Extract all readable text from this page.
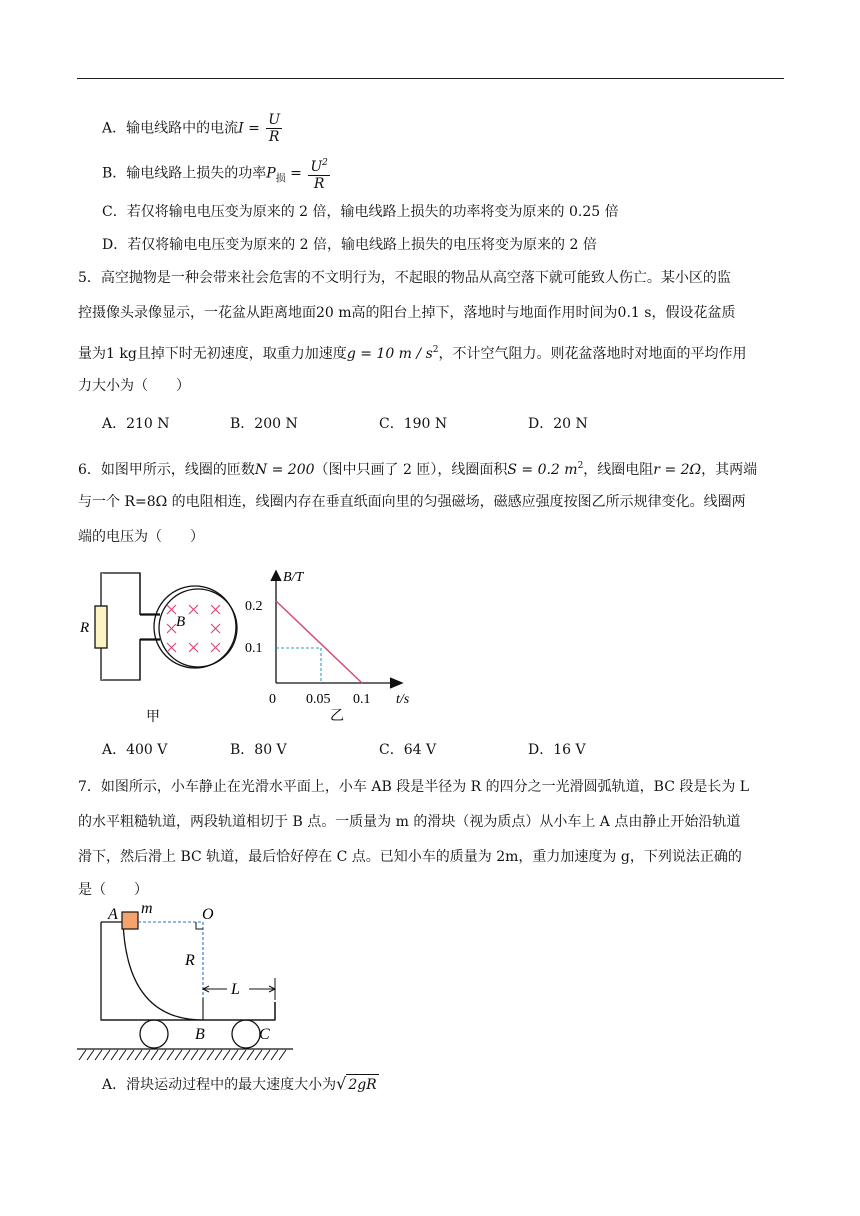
A．输电线路中的电流$I = \frac{U}{R}$
B．输电线路上损失的功率$P_损 = \frac{U^2}{R}$
C．若仅将输电电压变为原来的 2 倍，输电线路上损失的功率将变为原来的 0.25 倍
D．若仅将输电电压变为原来的 2 倍，输电线路上损失的电压将变为原来的 2 倍
5．高空抛物是一种会带来社会危害的不文明行为，不起眼的物品从高空落下就可能致人伤亡。某小区的监
控摄像头录像显示，一花盆从距离地面20 m高的阳台上掉下，落地时与地面作用时间为0.1 s，假设花盆质
量为1 kg且掉下时无初速度，取重力加速度g = 10 m / $s^2$，不计空气阻力。则花盆落地时对地面的平均作用
力大小为（　　）
A．210 N	B．200 N	C．190 N	D．20 N
6．如图甲所示，线圈的匝数N = 200（图中只画了 2 匝），线圈面积S = 0.2 $m^2$，线圈电阻r = 2Ω，其两端
与一个 R=8Ω 的电阻相连，线圈内存在垂直纸面向里的匀强磁场，磁感应强度按图乙所示规律变化。线圈两
端的电压为（　　）
R	B
甲
B/T
0.2
0.1
0 0.05 0.1 t/s
乙
A．400 V	B．80 V	C．64 V	D．16 V
7．如图所示，小车静止在光滑水平面上，小车 AB 段是半径为 R 的四分之一光滑圆弧轨道，BC 段是长为 L
的水平粗糙轨道，两段轨道相切于 B 点。一质量为 m 的滑块（视为质点）从小车上 A 点由静止开始沿轨道
滑下，然后滑上 BC 轨道，最后恰好停在 C 点。已知小车的质量为 2m，重力加速度为 g，下列说法正确的
是（　　）
A m	O
R
L
B	C
A．滑块运动过程中的最大速度大小为√ 2gR
